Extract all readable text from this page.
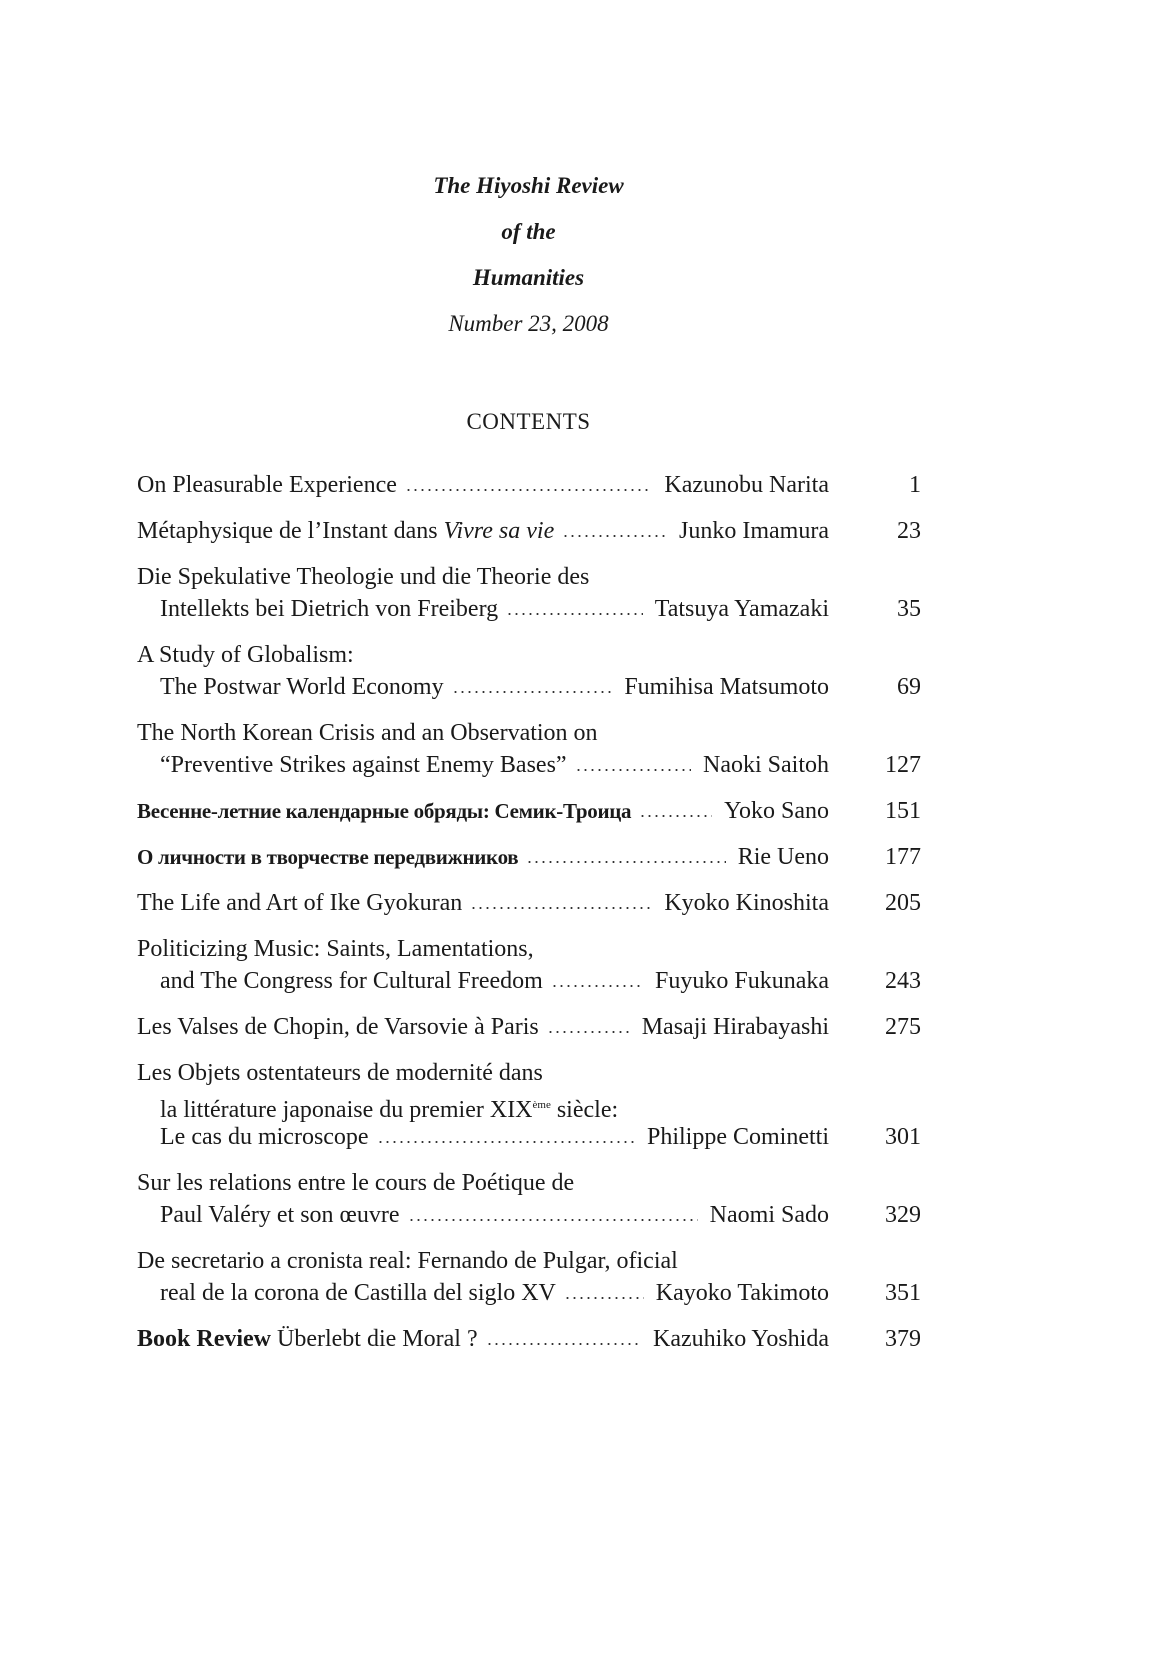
The Hiyoshi Review
of the
Humanities
Number 23, 2008
CONTENTS
On Pleasurable Experience	Kazunobu Narita	1
Métaphysique de l’Instant dans Vivre sa vie	Junko Imamura	23
Die Spekulative Theologie und die Theorie des
Intellekts bei Dietrich von Freiberg	Tatsuya Yamazaki	35
A Study of Globalism:
The Postwar World Economy	Fumihisa Matsumoto	69
The North Korean Crisis and an Observation on
“Preventive Strikes against Enemy Bases”	Naoki Saitoh	127
Весенне-летние календарные обряды: Семик-Троица	Yoko Sano	151
О личности в творчестве передвижников	Rie Ueno	177
The Life and Art of Ike Gyokuran	Kyoko Kinoshita	205
Politicizing Music: Saints, Lamentations,
and The Congress for Cultural Freedom	Fuyuko Fukunaka	243
Les Valses de Chopin, de Varsovie à Paris	Masaji Hirabayashi	275
Les Objets ostentateurs de modernité dans
la littérature japonaise du premier XIXème siècle:
Le cas du microscope	Philippe Cominetti	301
Sur les relations entre le cours de Poétique de
Paul Valéry et son œuvre	Naomi Sado	329
De secretario a cronista real: Fernando de Pulgar, oficial
real de la corona de Castilla del siglo XV	Kayoko Takimoto	351
Book Review Überlebt die Moral ?	Kazuhiko Yoshida	379
